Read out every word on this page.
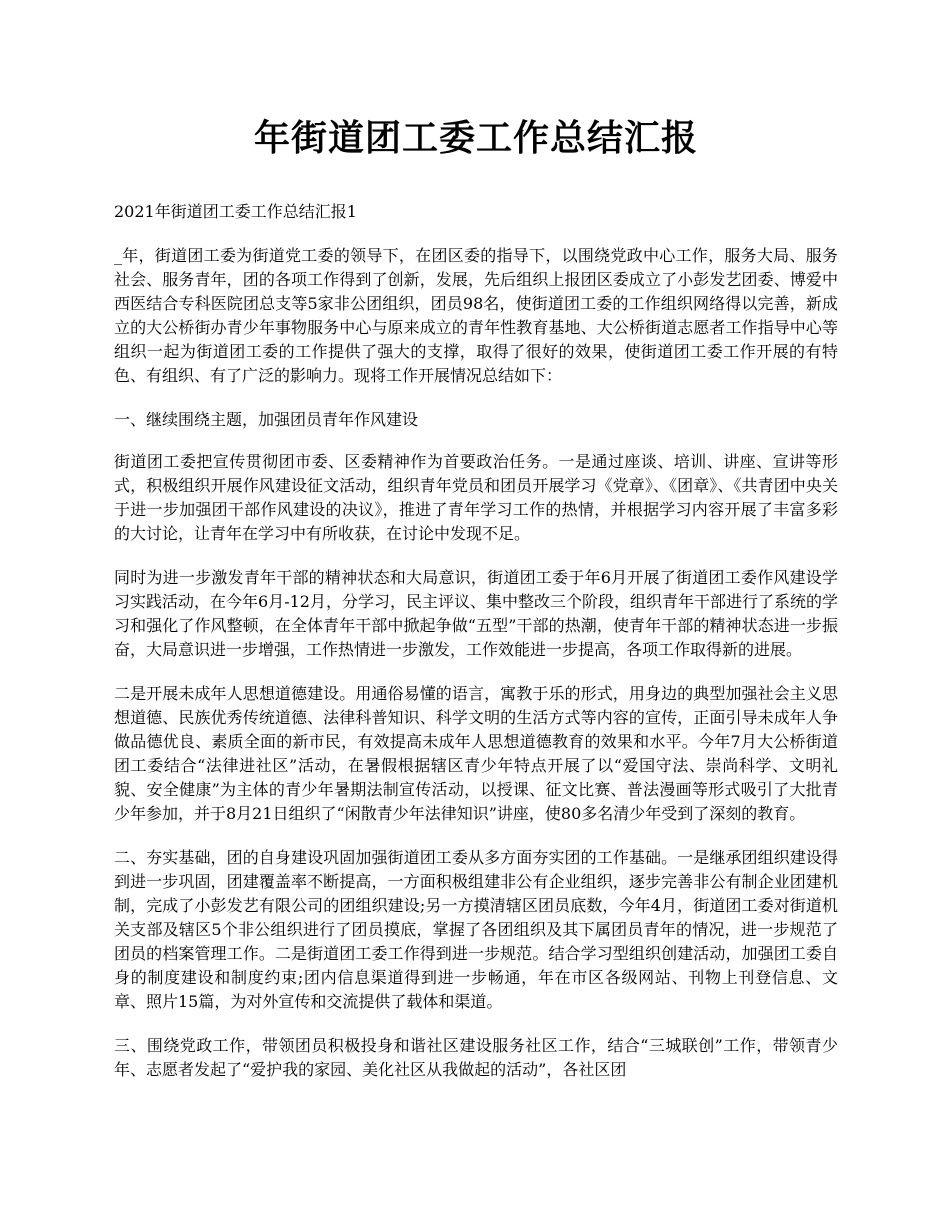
年街道团工委工作总结汇报

2021年街道团工委工作总结汇报1

_年，街道团工委为街道党工委的领导下，在团区委的指导下，以围绕党政中心工作，服务大局、服务社会、服务青年，团的各项工作得到了创新，发展，先后组织上报团区委成立了小彭发艺团委、博爱中西医结合专科医院团总支等5家非公团组织，团员98名，使街道团工委的工作组织网络得以完善，新成立的大公桥街办青少年事物服务中心与原来成立的青年性教育基地、大公桥街道志愿者工作指导中心等组织一起为街道团工委的工作提供了强大的支撑，取得了很好的效果，使街道团工委工作开展的有特色、有组织、有了广泛的影响力。现将工作开展情况总结如下：

一、继续围绕主题，加强团员青年作风建设

街道团工委把宣传贯彻团市委、区委精神作为首要政治任务。一是通过座谈、培训、讲座、宣讲等形式，积极组织开展作风建设征文活动，组织青年党员和团员开展学习《党章》、《团章》、《共青团中央关于进一步加强团干部作风建设的决议》，推进了青年学习工作的热情，并根据学习内容开展了丰富多彩的大讨论，让青年在学习中有所收获，在讨论中发现不足。

同时为进一步激发青年干部的精神状态和大局意识，街道团工委于年6月开展了街道团工委作风建设学习实践活动，在今年6月-12月，分学习，民主评议、集中整改三个阶段，组织青年干部进行了系统的学习和强化了作风整顿，在全体青年干部中掀起争做“五型”干部的热潮，使青年干部的精神状态进一步振奋，大局意识进一步增强，工作热情进一步激发，工作效能进一步提高，各项工作取得新的进展。

二是开展未成年人思想道德建设。用通俗易懂的语言，寓教于乐的形式，用身边的典型加强社会主义思想道德、民族优秀传统道德、法律科普知识、科学文明的生活方式等内容的宣传，正面引导未成年人争做品德优良、素质全面的新市民，有效提高未成年人思想道德教育的效果和水平。今年7月大公桥街道团工委结合“法律进社区”活动，在暑假根据辖区青少年特点开展了以“爱国守法、崇尚科学、文明礼貌、安全健康”为主体的青少年暑期法制宣传活动，以授课、征文比赛、普法漫画等形式吸引了大批青少年参加，并于8月21日组织了“闲散青少年法律知识”讲座，使80多名清少年受到了深刻的教育。

二、夯实基础，团的自身建设巩固加强街道团工委从多方面夯实团的工作基础。一是继承团组织建设得到进一步巩固，团建覆盖率不断提高，一方面积极组建非公有企业组织，逐步完善非公有制企业团建机制，完成了小彭发艺有限公司的团组织建设;另一方摸清辖区团员底数，今年4月，街道团工委对街道机关支部及辖区5个非公组织进行了团员摸底，掌握了各团组织及其下属团员青年的情况，进一步规范了团员的档案管理工作。二是街道团工委工作得到进一步规范。结合学习型组织创建活动，加强团工委自身的制度建设和制度约束;团内信息渠道得到进一步畅通，年在市区各级网站、刊物上刊登信息、文章、照片15篇，为对外宣传和交流提供了载体和渠道。

三、围绕党政工作，带领团员积极投身和谐社区建设服务社区工作，结合“三城联创”工作，带领青少年、志愿者发起了“爱护我的家园、美化社区从我做起的活动”，各社区团
